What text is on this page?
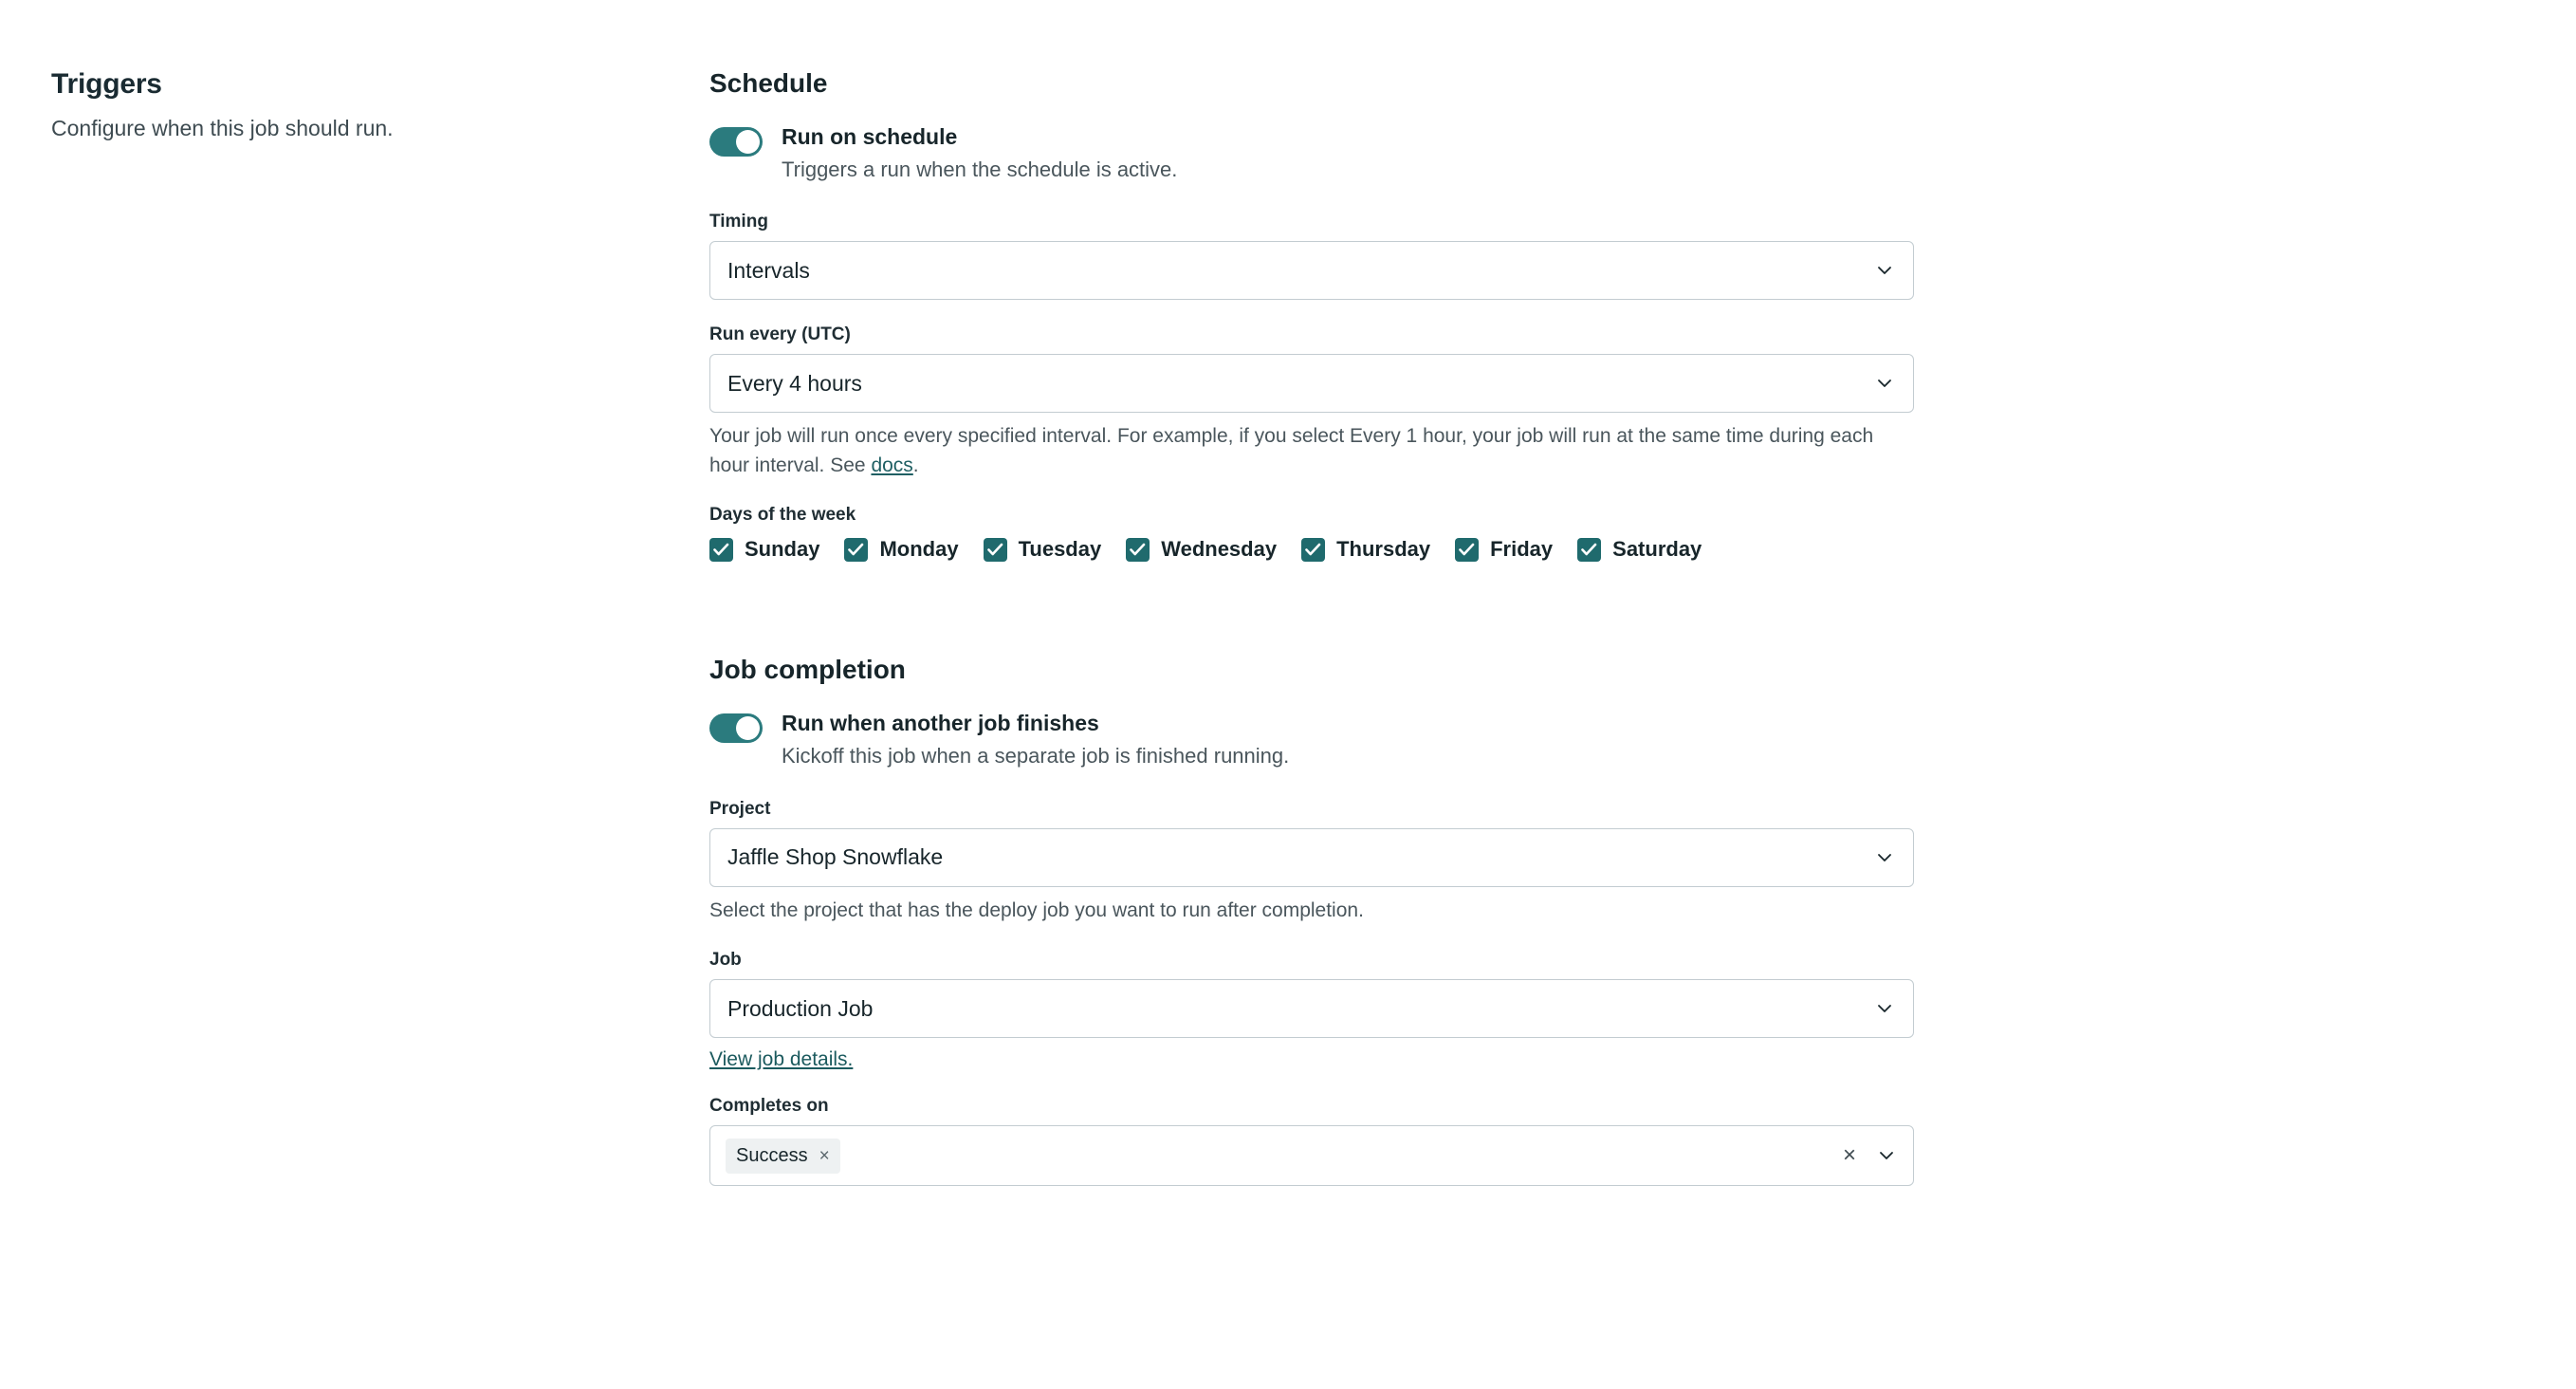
Triggers

Configure when this job should run.

Schedule
Run on schedule
Triggers a run when the schedule is active.
Timing
Intervals
Run every (UTC)
Every 4 hours

Your job will run once every specified interval. For example, if you select Every 1 hour, your job will run at the same time during each hour interval. See docs.

Days of the week
Sunday	Monday	Tuesday	Wednesday	Thursday	Friday	Saturday
Job completion
Run when another job finishes
Kickoff this job when a separate job is finished running.
Project
Jaffle Shop Snowflake

Select the project that has the deploy job you want to run after completion.

Job
Production Job
View job details.
Completes on
Success ×	×
